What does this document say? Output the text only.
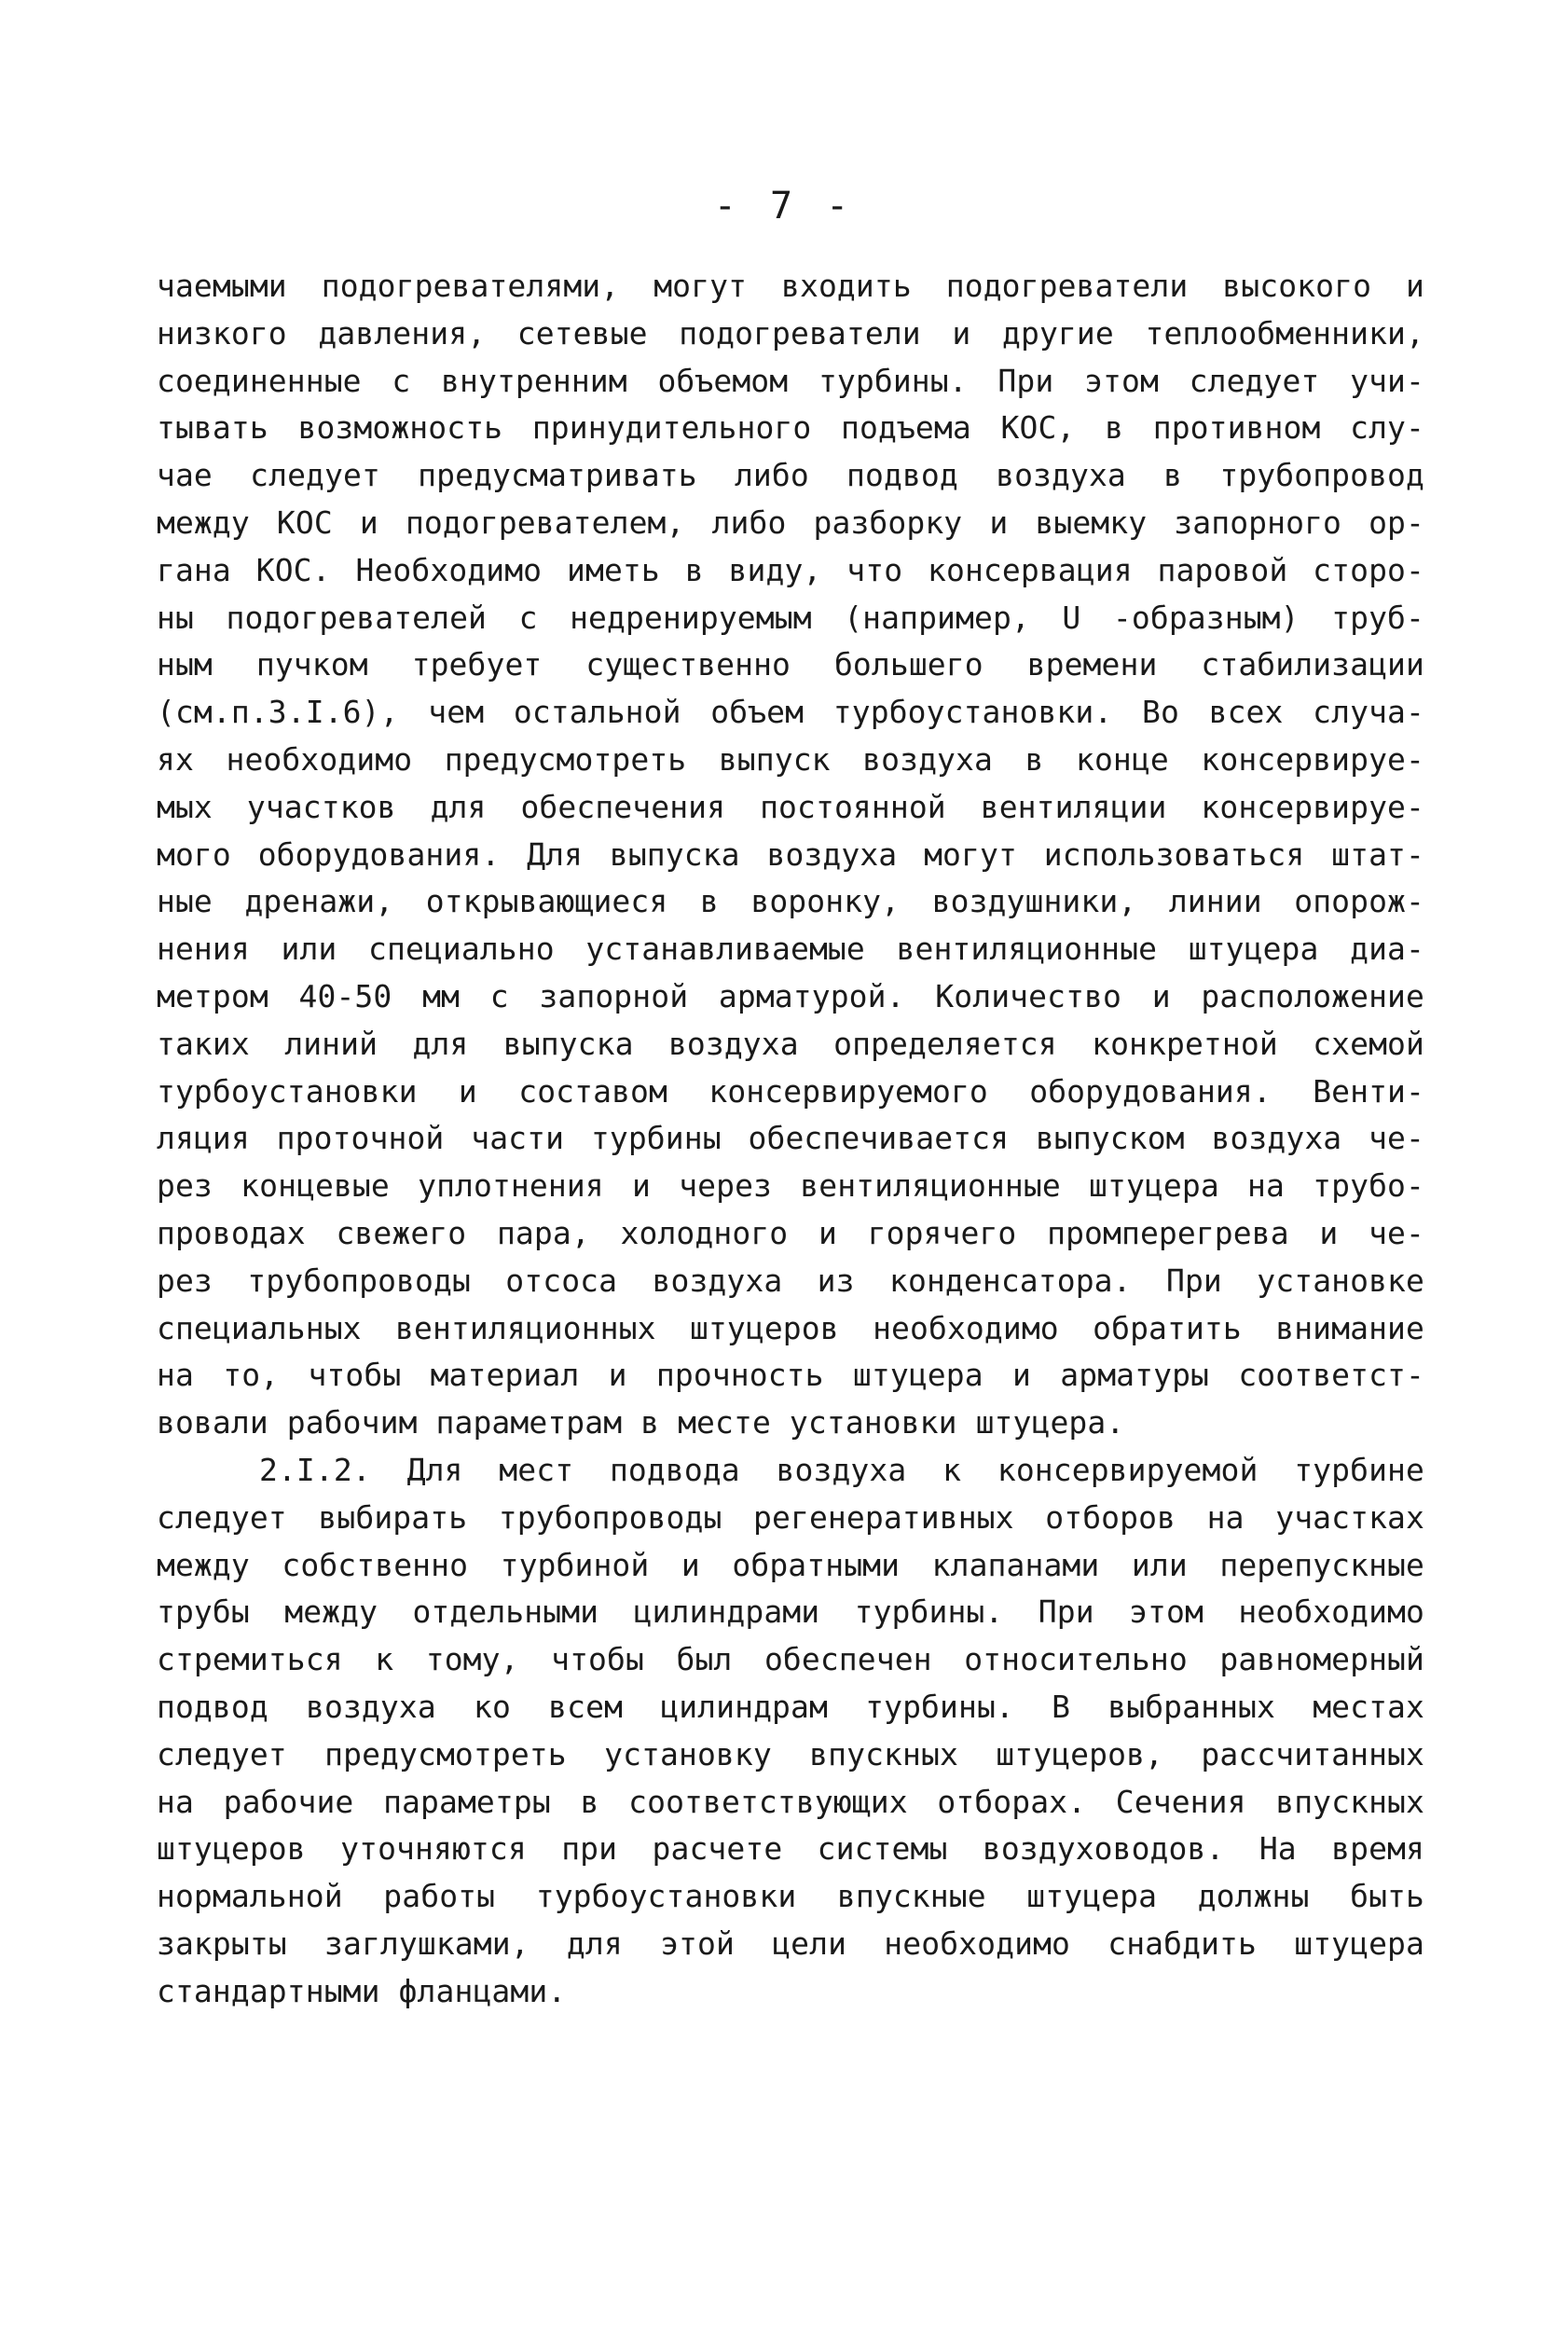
- 7 -
чаемыми подогревателями, могут входить подогреватели высокого и
низкого давления, сетевые подогреватели и другие теплообменники,
соединенные с внутренним объемом турбины. При этом следует учи-
тывать возможность принудительного подъема КОС, в противном слу-
чае следует предусматривать либо подвод воздуха в трубопровод
между КОС и подогревателем, либо разборку и выемку запорного ор-
гана КОС. Необходимо иметь в виду, что консервация паровой сторо-
ны подогревателей с недренируемым (например, U -образным) труб-
ным пучком требует существенно большего времени стабилизации
(см.п.3.I.6), чем остальной объем турбоустановки. Во всех случа-
ях необходимо предусмотреть выпуск воздуха в конце консервируе-
мых участков для обеспечения постоянной вентиляции консервируе-
мого оборудования. Для выпуска воздуха могут использоваться штат-
ные дренажи, открывающиеся в воронку, воздушники, линии опорож-
нения или специально устанавливаемые вентиляционные штуцера диа-
метром 40-50 мм с запорной арматурой. Количество и расположение
таких линий для выпуска воздуха определяется конкретной схемой
турбоустановки и составом консервируемого оборудования. Венти-
ляция проточной части турбины обеспечивается выпуском воздуха че-
рез концевые уплотнения и через вентиляционные штуцера на трубо-
проводах свежего пара, холодного и горячего промперегрева и че-
рез трубопроводы отсоса воздуха из конденсатора. При установке
специальных вентиляционных штуцеров необходимо обратить внимание
на то, чтобы материал и прочность штуцера и арматуры соответст-
вовали рабочим параметрам в месте установки штуцера.
2.I.2. Для мест подвода воздуха к консервируемой турбине
следует выбирать трубопроводы регенеративных отборов на участках
между собственно турбиной и обратными клапанами или перепускные
трубы между отдельными цилиндрами турбины. При этом необходимо
стремиться к тому, чтобы был обеспечен относительно равномерный
подвод воздуха ко всем цилиндрам турбины. В выбранных местах
следует предусмотреть установку впускных штуцеров, рассчитанных
на рабочие параметры в соответствующих отборах. Сечения впускных
штуцеров уточняются при расчете системы воздуховодов. На время
нормальной работы турбоустановки впускные штуцера должны быть
закрыты заглушками, для этой цели необходимо снабдить штуцера
стандартными фланцами.
